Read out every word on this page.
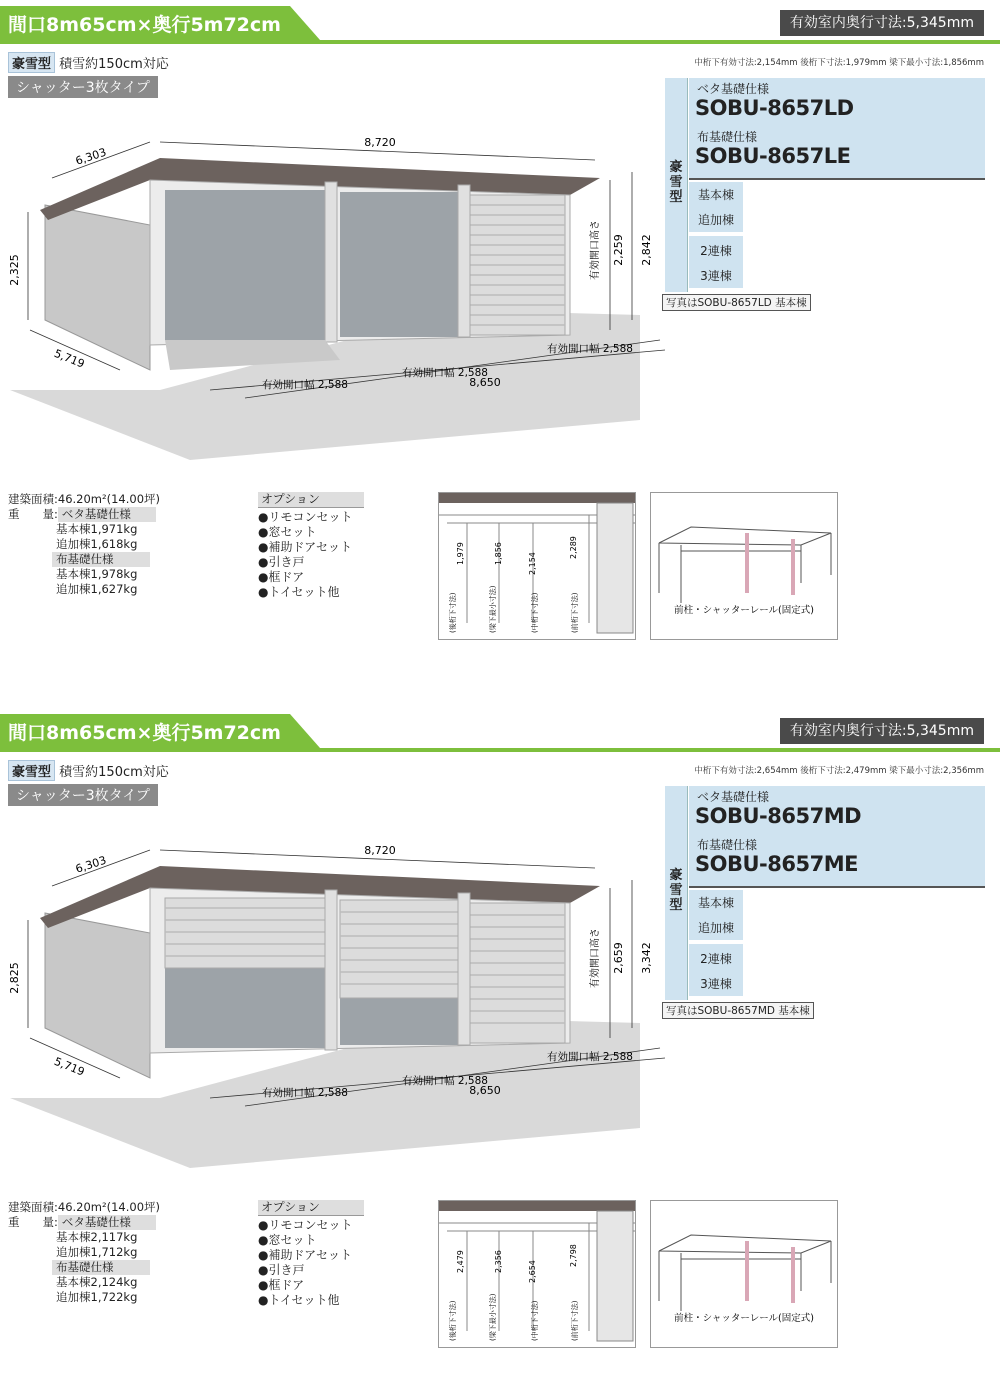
間口8m65cm×奥行5m72cm	有効室内奥行寸法:5,345mm
豪雪型 積雪約150cm対応
シャッター3枚タイプ
中桁下有効寸法:2,154mm 後桁下寸法:1,979mm 梁下最小寸法:1,856mm
豪雪型
ベタ基礎仕様
SOBU-8657LD
布基礎仕様
SOBU-8657LE
基本棟
追加棟
2連棟
3連棟
写真はSOBU-8657LD 基本棟
8,720
6,303
2,325
5,719
2,842
有効開口高さ 2,259
有効開口幅 2,588
有効開口幅 2,588
有効開口幅 2,588
8,650
建築面積:46.20m²(14.00坪)
重　　量: ベタ基礎仕様
基本棟1,971kg
追加棟1,618kg
布基礎仕様
基本棟1,978kg
追加棟1,627kg
オプション
●リモコンセット
●窓セット
●補助ドアセット
●引き戸
●框ドア
●トイセット他
1,979	1,856	2,154
2,289
(後桁下寸法)	(梁下最小寸法)	(中桁下寸法)	(前桁下寸法)	前柱・シャッターレール(固定式)
間口8m65cm×奥行5m72cm	有効室内奥行寸法:5,345mm
豪雪型 積雪約150cm対応
シャッター3枚タイプ
中桁下有効寸法:2,654mm 後桁下寸法:2,479mm 梁下最小寸法:2,356mm
豪雪型
ベタ基礎仕様
SOBU-8657MD
布基礎仕様
SOBU-8657ME
基本棟
追加棟
2連棟
3連棟
写真はSOBU-8657MD 基本棟
8,720
6,303
2,825
5,719
3,342
有効開口高さ 2,659
有効開口幅 2,588
有効開口幅 2,588
有効開口幅 2,588
8,650
建築面積:46.20m²(14.00坪)
重　　量: ベタ基礎仕様
基本棟2,117kg
追加棟1,712kg
布基礎仕様
基本棟2,124kg
追加棟1,722kg
オプション
●リモコンセット
●窓セット
●補助ドアセット
●引き戸
●框ドア
●トイセット他
2,479	2,356	2,654
2,798
(後桁下寸法)	(梁下最小寸法)	(中桁下寸法)	(前桁下寸法)	前柱・シャッターレール(固定式)
